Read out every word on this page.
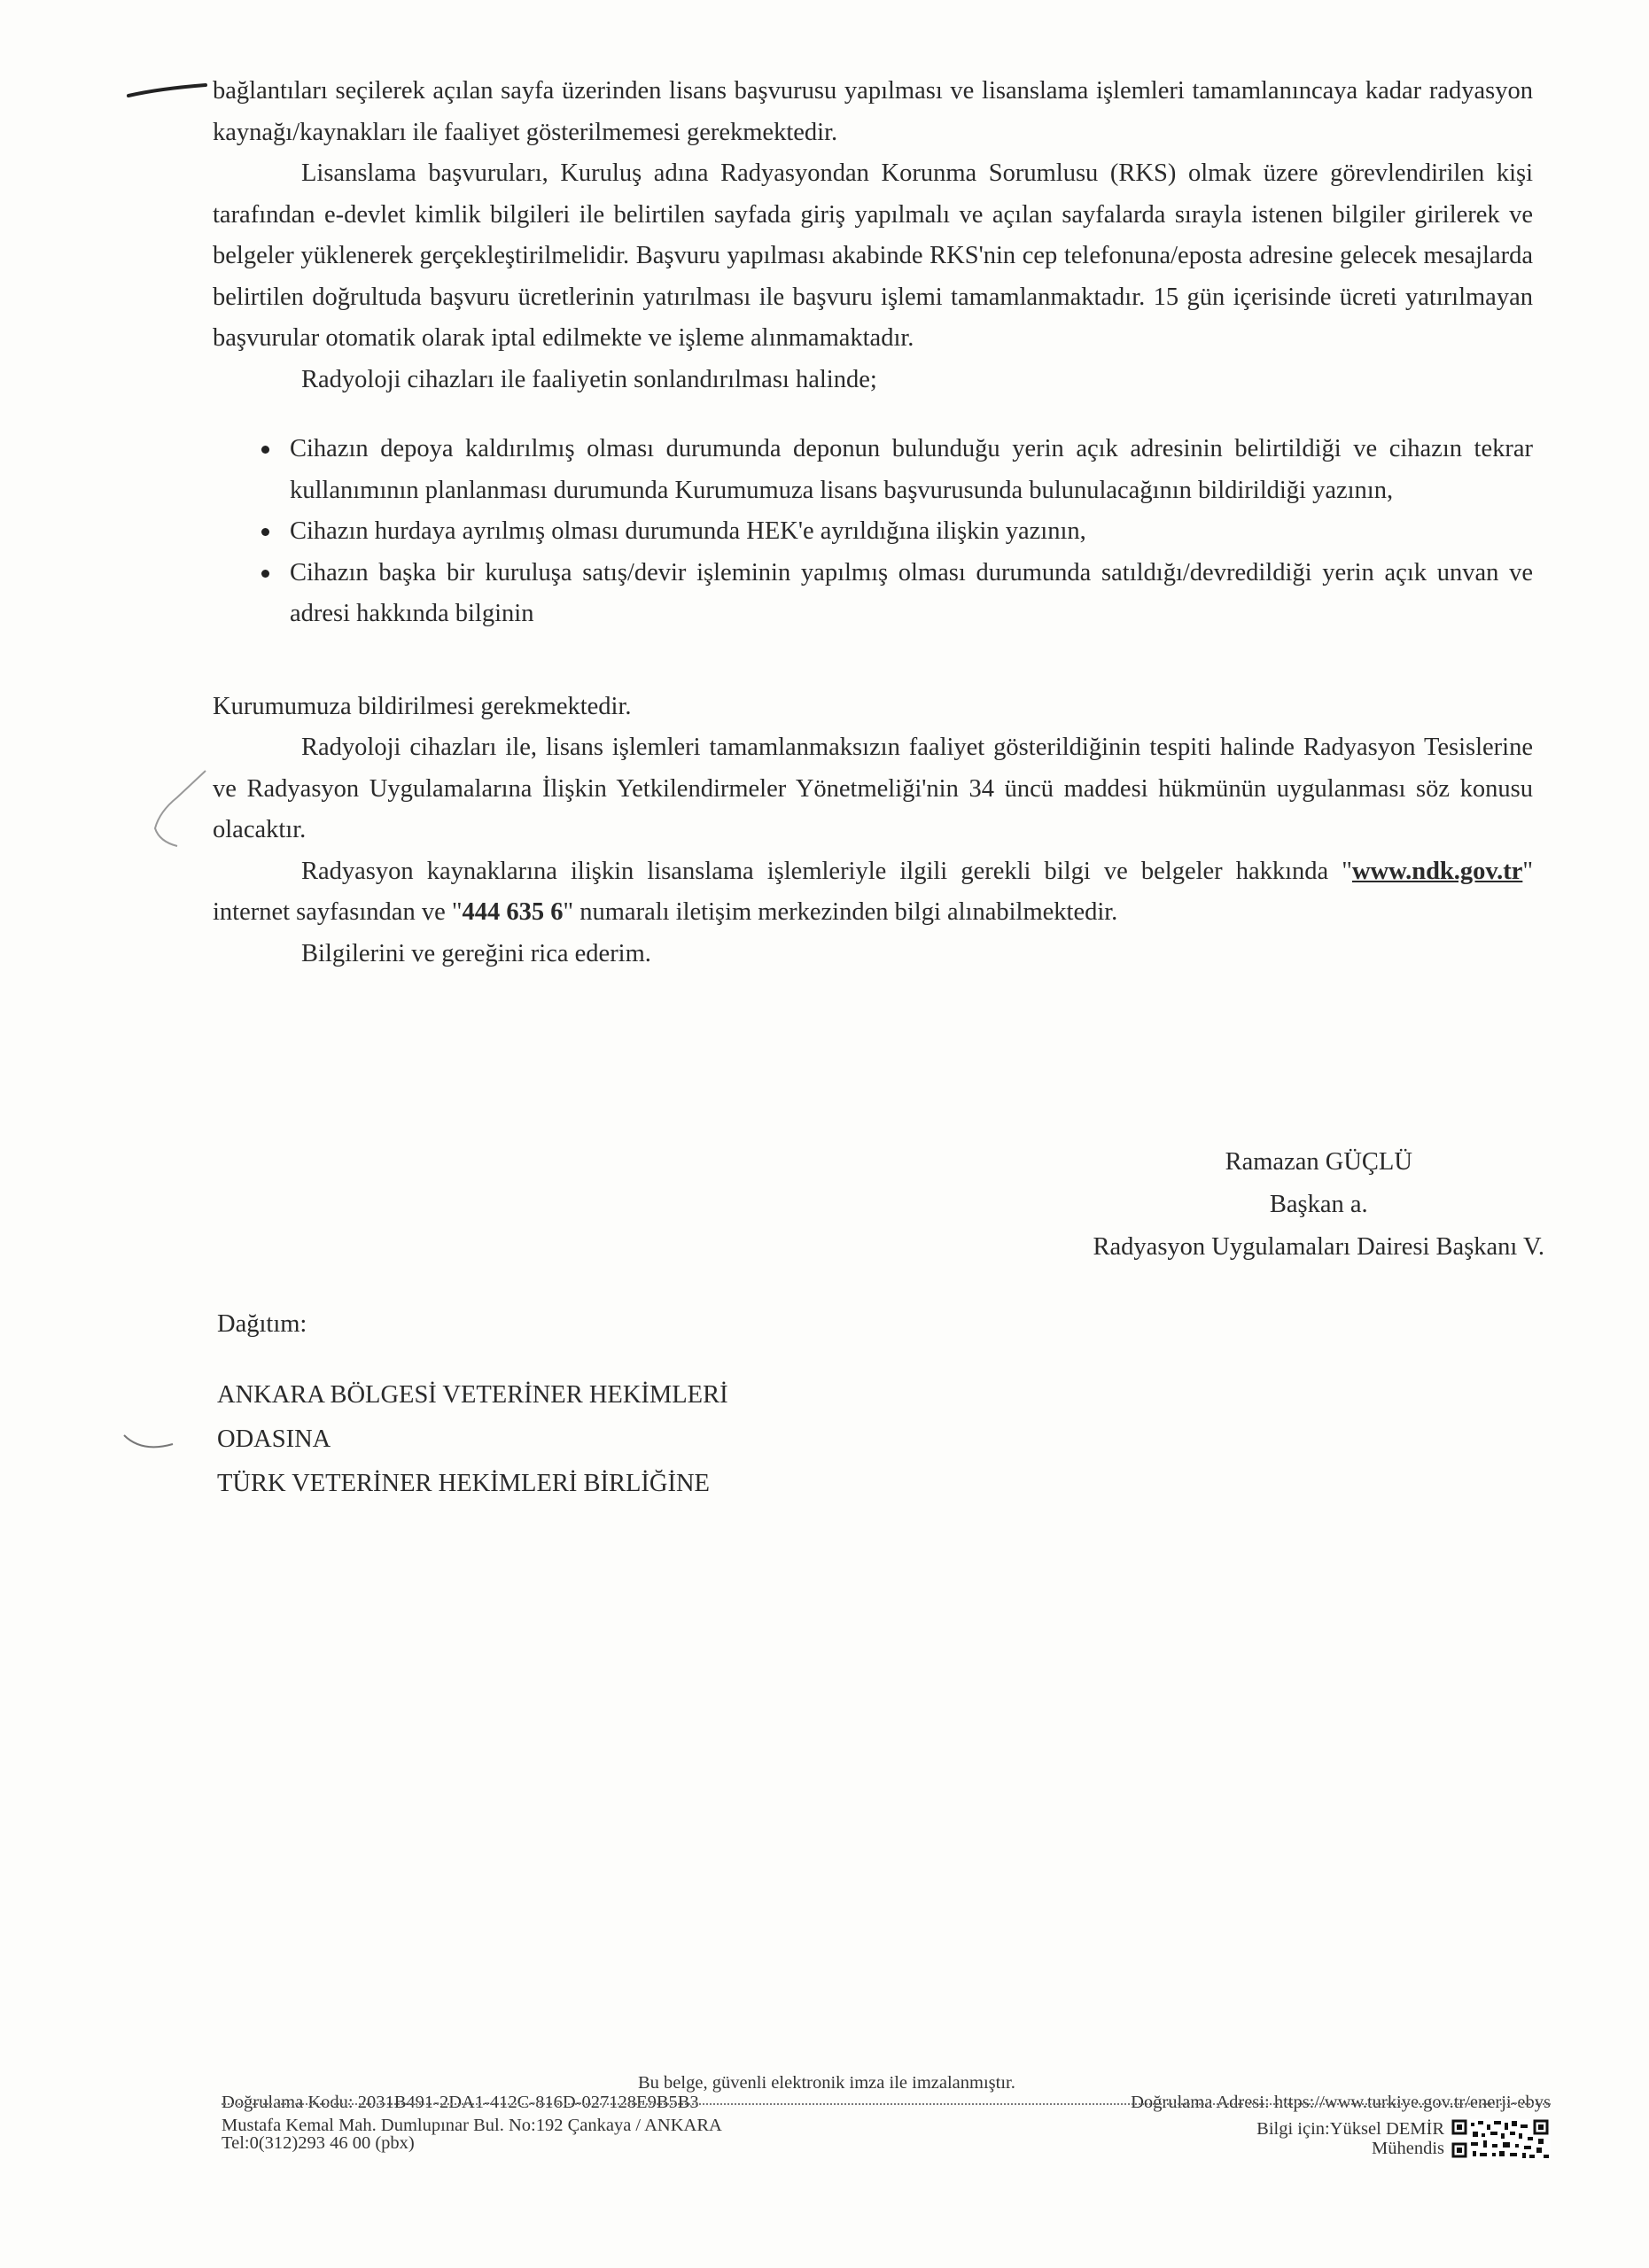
bağlantıları seçilerek açılan sayfa üzerinden lisans başvurusu yapılması ve lisanslama işlemleri tamamlanıncaya kadar radyasyon kaynağı/kaynakları ile faaliyet gösterilmemesi gerekmektedir.

Lisanslama başvuruları, Kuruluş adına Radyasyondan Korunma Sorumlusu (RKS) olmak üzere görevlendirilen kişi tarafından e-devlet kimlik bilgileri ile belirtilen sayfada giriş yapılmalı ve açılan sayfalarda sırayla istenen bilgiler girilerek ve belgeler yüklenerek gerçekleştirilmelidir. Başvuru yapılması akabinde RKS'nin cep telefonuna/eposta adresine gelecek mesajlarda belirtilen doğrultuda başvuru ücretlerinin yatırılması ile başvuru işlemi tamamlanmaktadır. 15 gün içerisinde ücreti yatırılmayan başvurular otomatik olarak iptal edilmekte ve işleme alınmamaktadır.

Radyoloji cihazları ile faaliyetin sonlandırılması halinde;

Cihazın depoya kaldırılmış olması durumunda deponun bulunduğu yerin açık adresinin belirtildiği ve cihazın tekrar kullanımının planlanması durumunda Kurumumuza lisans başvurusunda bulunulacağının bildirildiği yazının,
Cihazın hurdaya ayrılmış olması durumunda HEK'e ayrıldığına ilişkin yazının,
Cihazın başka bir kuruluşa satış/devir işleminin yapılmış olması durumunda satıldığı/devredildiği yerin açık unvan ve adresi hakkında bilginin

Kurumumuza bildirilmesi gerekmektedir.

Radyoloji cihazları ile, lisans işlemleri tamamlanmaksızın faaliyet gösterildiğinin tespiti halinde Radyasyon Tesislerine ve Radyasyon Uygulamalarına İlişkin Yetkilendirmeler Yönetmeliği'nin 34 üncü maddesi hükmünün uygulanması söz konusu olacaktır.

Radyasyon kaynaklarına ilişkin lisanslama işlemleriyle ilgili gerekli bilgi ve belgeler hakkında "www.ndk.gov.tr" internet sayfasından ve "444 635 6" numaralı iletişim merkezinden bilgi alınabilmektedir.

Bilgilerini ve gereğini rica ederim.

Ramazan GÜÇLÜ
Başkan a.
Radyasyon Uygulamaları Dairesi Başkanı V.
Dağıtım:
ANKARA BÖLGESİ VETERİNER HEKİMLERİ
ODASINA
TÜRK VETERİNER HEKİMLERİ BİRLİĞİNE
Bu belge, güvenli elektronik imza ile imzalanmıştır.
Doğrulama Kodu: 2031B491-2DA1-412C-816D-027128E9B5B3	Doğrulama Adresi: https://www.turkiye.gov.tr/enerji-ebys
Mustafa Kemal Mah. Dumlupınar Bul. No:192 Çankaya / ANKARA
Tel:0(312)293 46 00 (pbx)
Bilgi için:Yüksel DEMİR
Mühendis
